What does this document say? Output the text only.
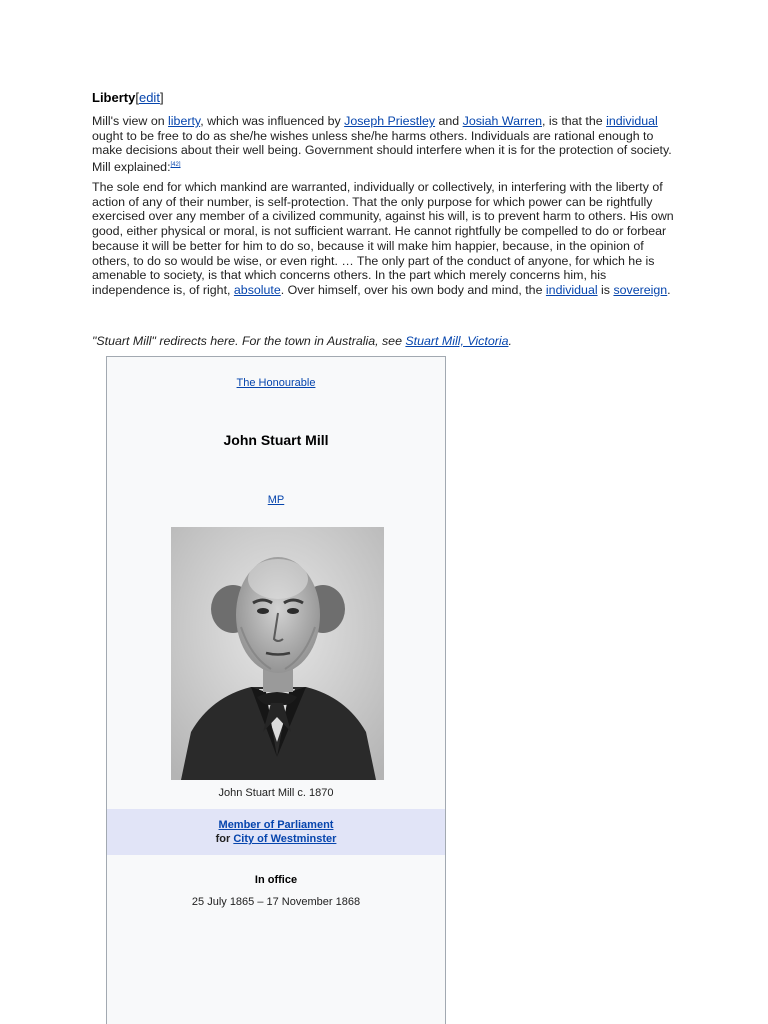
Liberty[edit]

Mill's view on liberty, which was influenced by Joseph Priestley and Josiah Warren, is that the individual ought to be free to do as she/he wishes unless she/he harms others. Individuals are rational enough to make decisions about their well being. Government should interfere when it is for the protection of society. Mill explained:[42]

The sole end for which mankind are warranted, individually or collectively, in interfering with the liberty of action of any of their number, is self-protection. That the only purpose for which power can be rightfully exercised over any member of a civilized community, against his will, is to prevent harm to others. His own good, either physical or moral, is not sufficient warrant. He cannot rightfully be compelled to do or forbear because it will be better for him to do so, because it will make him happier, because, in the opinion of others, to do so would be wise, or even right. … The only part of the conduct of anyone, for which he is amenable to society, is that which concerns others. In the part which merely concerns him, his independence is, of right, absolute. Over himself, over his own body and mind, the individual is sovereign.

"Stuart Mill" redirects here. For the town in Australia, see Stuart Mill, Victoria.
The Honourable
John Stuart Mill
MP
John Stuart Mill c. 1870
Member of Parliament
for City of Westminster
In office
25 July 1865 – 17 November 1868
